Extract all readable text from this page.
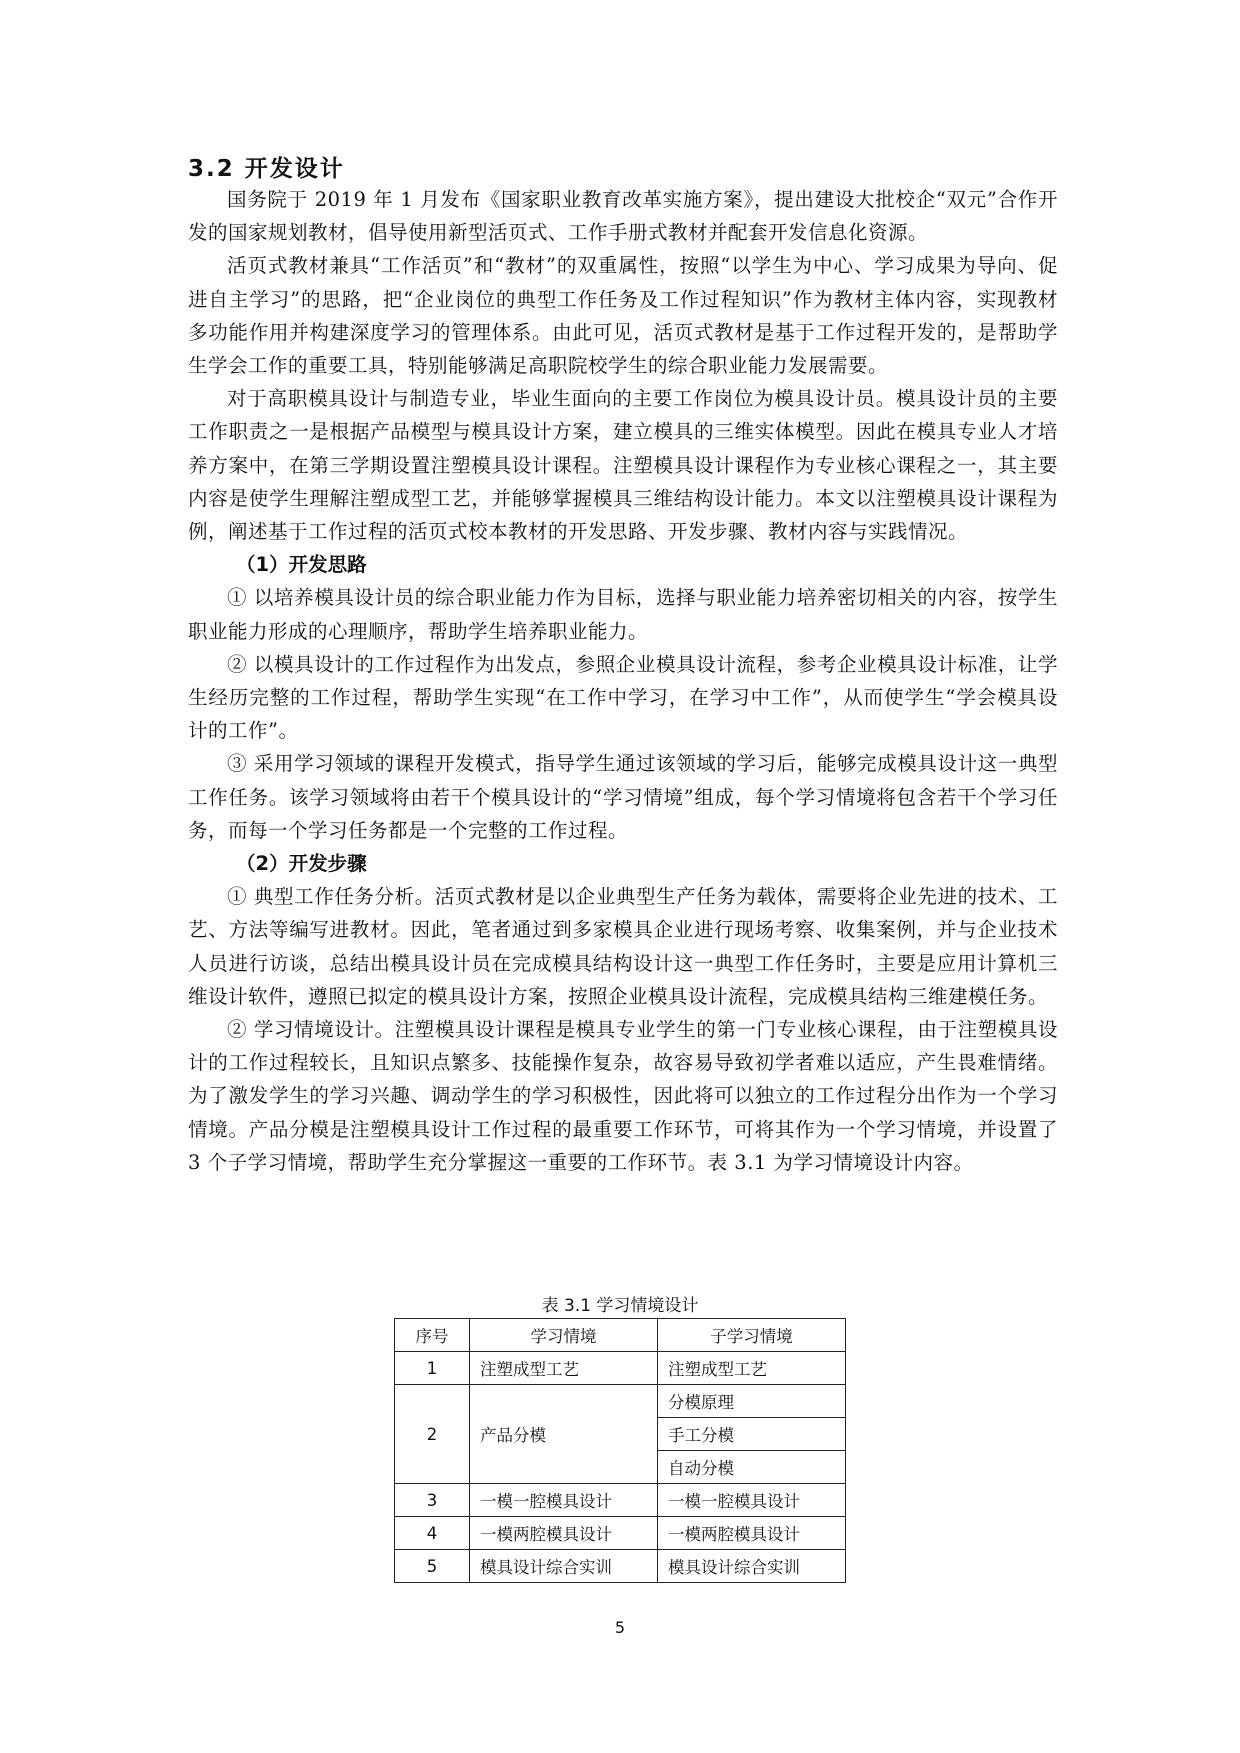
3.2 开发设计

国务院于 2019 年 1 月发布《国家职业教育改革实施方案》，提出建设大批校企“双元”合作开发的国家规划教材，倡导使用新型活页式、工作手册式教材并配套开发信息化资源。

活页式教材兼具“工作活页”和“教材”的双重属性，按照“以学生为中心、学习成果为导向、促进自主学习”的思路，把“企业岗位的典型工作任务及工作过程知识”作为教材主体内容，实现教材多功能作用并构建深度学习的管理体系。由此可见，活页式教材是基于工作过程开发的，是帮助学生学会工作的重要工具，特别能够满足高职院校学生的综合职业能力发展需要。

对于高职模具设计与制造专业，毕业生面向的主要工作岗位为模具设计员。模具设计员的主要工作职责之一是根据产品模型与模具设计方案，建立模具的三维实体模型。因此在模具专业人才培养方案中，在第三学期设置注塑模具设计课程。注塑模具设计课程作为专业核心课程之一，其主要内容是使学生理解注塑成型工艺，并能够掌握模具三维结构设计能力。本文以注塑模具设计课程为例，阐述基于工作过程的活页式校本教材的开发思路、开发步骤、教材内容与实践情况。

（1）开发思路

① 以培养模具设计员的综合职业能力作为目标，选择与职业能力培养密切相关的内容，按学生职业能力形成的心理顺序，帮助学生培养职业能力。

② 以模具设计的工作过程作为出发点，参照企业模具设计流程，参考企业模具设计标准，让学生经历完整的工作过程，帮助学生实现“在工作中学习，在学习中工作”，从而使学生“学会模具设计的工作”。

③ 采用学习领域的课程开发模式，指导学生通过该领域的学习后，能够完成模具设计这一典型工作任务。该学习领域将由若干个模具设计的“学习情境”组成，每个学习情境将包含若干个学习任务，而每一个学习任务都是一个完整的工作过程。

（2）开发步骤

① 典型工作任务分析。活页式教材是以企业典型生产任务为载体，需要将企业先进的技术、工艺、方法等编写进教材。因此，笔者通过到多家模具企业进行现场考察、收集案例，并与企业技术人员进行访谈，总结出模具设计员在完成模具结构设计这一典型工作任务时，主要是应用计算机三维设计软件，遵照已拟定的模具设计方案，按照企业模具设计流程，完成模具结构三维建模任务。

② 学习情境设计。注塑模具设计课程是模具专业学生的第一门专业核心课程，由于注塑模具设计的工作过程较长，且知识点繁多、技能操作复杂，故容易导致初学者难以适应，产生畏难情绪。为了激发学生的学习兴趣、调动学生的学习积极性，因此将可以独立的工作过程分出作为一个学习情境。产品分模是注塑模具设计工作过程的最重要工作环节，可将其作为一个学习情境，并设置了 3 个子学习情境，帮助学生充分掌握这一重要的工作环节。表 3.1 为学习情境设计内容。

表 3.1 学习情境设计
序号	学习情境	子学习情境
1	注塑成型工艺	注塑成型工艺
2	产品分模	分模原理
		手工分模
		自动分模
3	一模一腔模具设计	一模一腔模具设计
4	一模两腔模具设计	一模两腔模具设计
5	模具设计综合实训	模具设计综合实训
5
